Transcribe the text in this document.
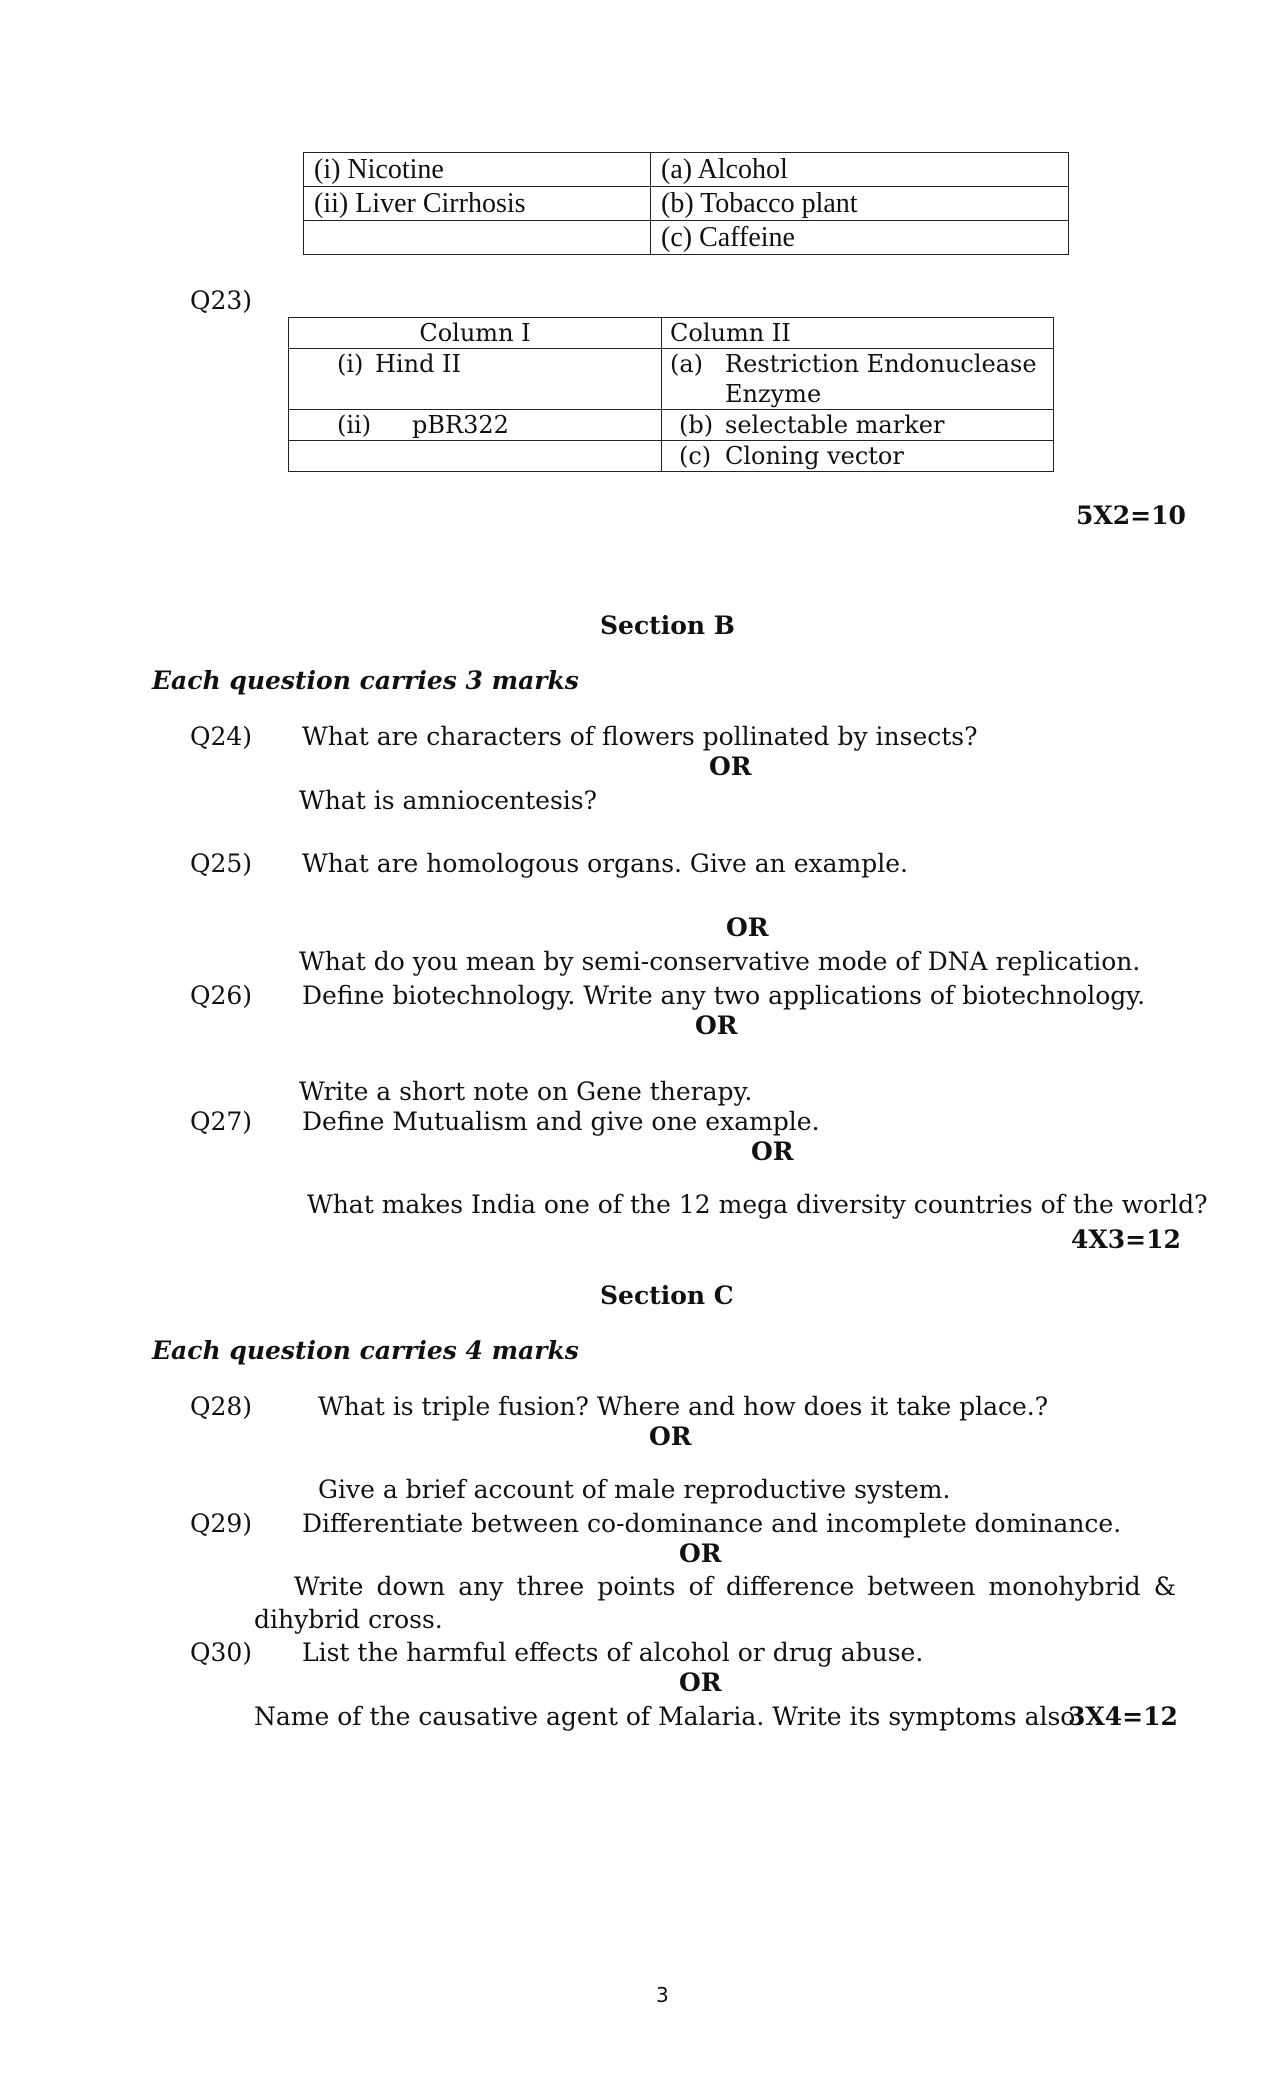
(i) Nicotine	(a) Alcohol
(ii) Liver Cirrhosis	(b) Tobacco plant
	(c) Caffeine
Q23)
Column I	Column II
(i) Hind II	(a) Restriction Endonuclease
Enzyme
(ii) pBR322	(b) selectable marker
	(c) Cloning vector
5X2=10
Section B
Each question carries 3 marks
Q24) What are characters of flowers pollinated by insects?
OR
What is amniocentesis?
Q25) What are homologous organs. Give an example.
OR
What do you mean by semi-conservative mode of DNA replication.
Q26) Define biotechnology. Write any two applications of biotechnology.
OR
Write a short note on Gene therapy.
Q27) Define Mutualism and give one example.
OR
What makes India one of the 12 mega diversity countries of the world?
4X3=12
Section C
Each question carries 4 marks
Q28)	What is triple fusion? Where and how does it take place.?
OR
Give a brief account of male reproductive system.
Q29) Differentiate between co-dominance and incomplete dominance.
OR
Write down any three points of difference between monohybrid &
dihybrid cross.
Q30) List the harmful effects of alcohol or drug abuse.
OR
Name of the causative agent of Malaria. Write its symptoms also.
3X4=12
3
